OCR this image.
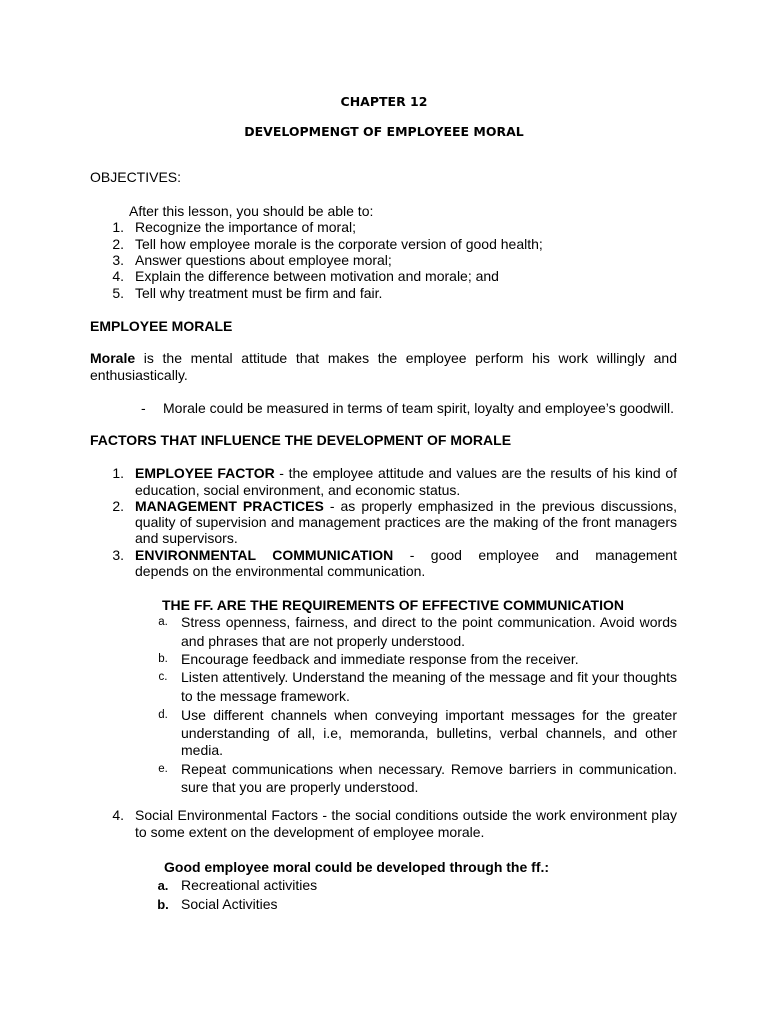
CHAPTER 12
DEVELOPMENGT OF EMPLOYEEE MORAL
OBJECTIVES:
After this lesson, you should be able to:
1. Recognize the importance of moral;
2. Tell how employee morale is the corporate version of good health;
3. Answer questions about employee moral;
4. Explain the difference between motivation and morale; and
5. Tell why treatment must be firm and fair.
EMPLOYEE MORALE
Morale is the mental attitude that makes the employee perform his work willingly and
enthusiastically.
- Morale could be measured in terms of team spirit, loyalty and employee’s goodwill.
FACTORS THAT INFLUENCE THE DEVELOPMENT OF MORALE
1. EMPLOYEE FACTOR - the employee attitude and values are the results of his kind of
education, social environment, and economic status.
2. MANAGEMENT PRACTICES - as properly emphasized in the previous discussions,
quality of supervision and management practices are the making of the front managers
and supervisors.
3. ENVIRONMENTAL COMMUNICATION - good employee and management
depends on the environmental communication.
THE FF. ARE THE REQUIREMENTS OF EFFECTIVE COMMUNICATION
a. Stress openness, fairness, and direct to the point communication. Avoid words
and phrases that are not properly understood.
b. Encourage feedback and immediate response from the receiver.
c. Listen attentively. Understand the meaning of the message and fit your thoughts
to the message framework.
d. Use different channels when conveying important messages for the greater
understanding of all, i.e, memoranda, bulletins, verbal channels, and other
media.
e. Repeat communications when necessary. Remove barriers in communication.
sure that you are properly understood.
4. Social Environmental Factors - the social conditions outside the work environment play
to some extent on the development of employee morale.
Good employee moral could be developed through the ff.:
a. Recreational activities
b. Social Activities
